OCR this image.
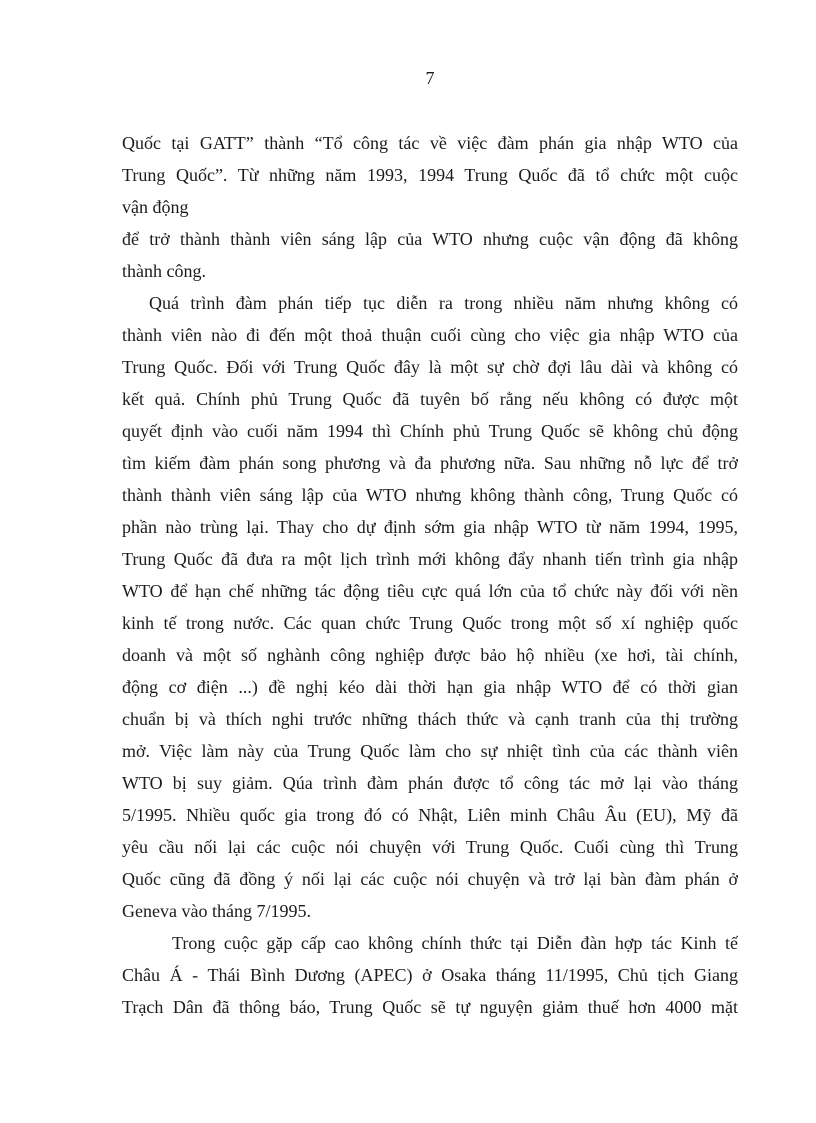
7
Quốc tại GATT” thành “Tổ công tác về việc đàm phán gia nhập WTO của
Trung Quốc”. Từ những năm 1993, 1994 Trung Quốc đã tổ chức một cuộc
vận động
để trở thành thành viên sáng lập của WTO nhưng cuộc vận động đã không
thành công.
Quá trình đàm phán tiếp tục diễn ra trong nhiều năm nhưng không có
thành viên nào đi đến một thoả thuận cuối cùng cho việc gia nhập WTO của
Trung Quốc. Đối với Trung Quốc đây là một sự chờ đợi lâu dài và không có
kết quả. Chính phủ Trung Quốc đã tuyên bố rằng nếu không có được một
quyết định vào cuối năm 1994 thì Chính phủ Trung Quốc sẽ không chủ động
tìm kiếm đàm phán song phương và đa phương nữa. Sau những nỗ lực để trở
thành thành viên sáng lập của WTO nhưng không thành công, Trung Quốc có
phần nào trùng lại. Thay cho dự định sớm gia nhập WTO từ năm 1994, 1995,
Trung Quốc đã đưa ra một lịch trình mới không đẩy nhanh tiến trình gia nhập
WTO để hạn chế những tác động tiêu cực quá lớn của tổ chức này đối với nền
kinh tế trong nước. Các quan chức Trung Quốc trong một số xí nghiệp quốc
doanh và một số nghành công nghiệp được bảo hộ nhiều (xe hơi, tài chính,
động cơ điện ...) đề nghị kéo dài thời hạn gia nhập WTO để có thời gian
chuẩn bị và thích nghi trước những thách thức và cạnh tranh của thị trường
mở. Việc làm này của Trung Quốc làm cho sự nhiệt tình của các thành viên
WTO bị suy giảm. Qúa trình đàm phán được tổ công tác mở lại vào tháng
5/1995. Nhiều quốc gia trong đó có Nhật, Liên minh Châu Âu (EU), Mỹ đã
yêu cầu nối lại các cuộc nói chuyện với Trung Quốc. Cuối cùng thì Trung
Quốc cũng đã đồng ý nối lại các cuộc nói chuyện và trở lại bàn đàm phán ở
Geneva vào tháng 7/1995.
Trong cuộc gặp cấp cao không chính thức tại Diễn đàn hợp tác Kinh tế
Châu Á - Thái Bình Dương (APEC) ở Osaka tháng 11/1995, Chủ tịch Giang
Trạch Dân đã thông báo, Trung Quốc sẽ tự nguyện giảm thuế hơn 4000 mặt
